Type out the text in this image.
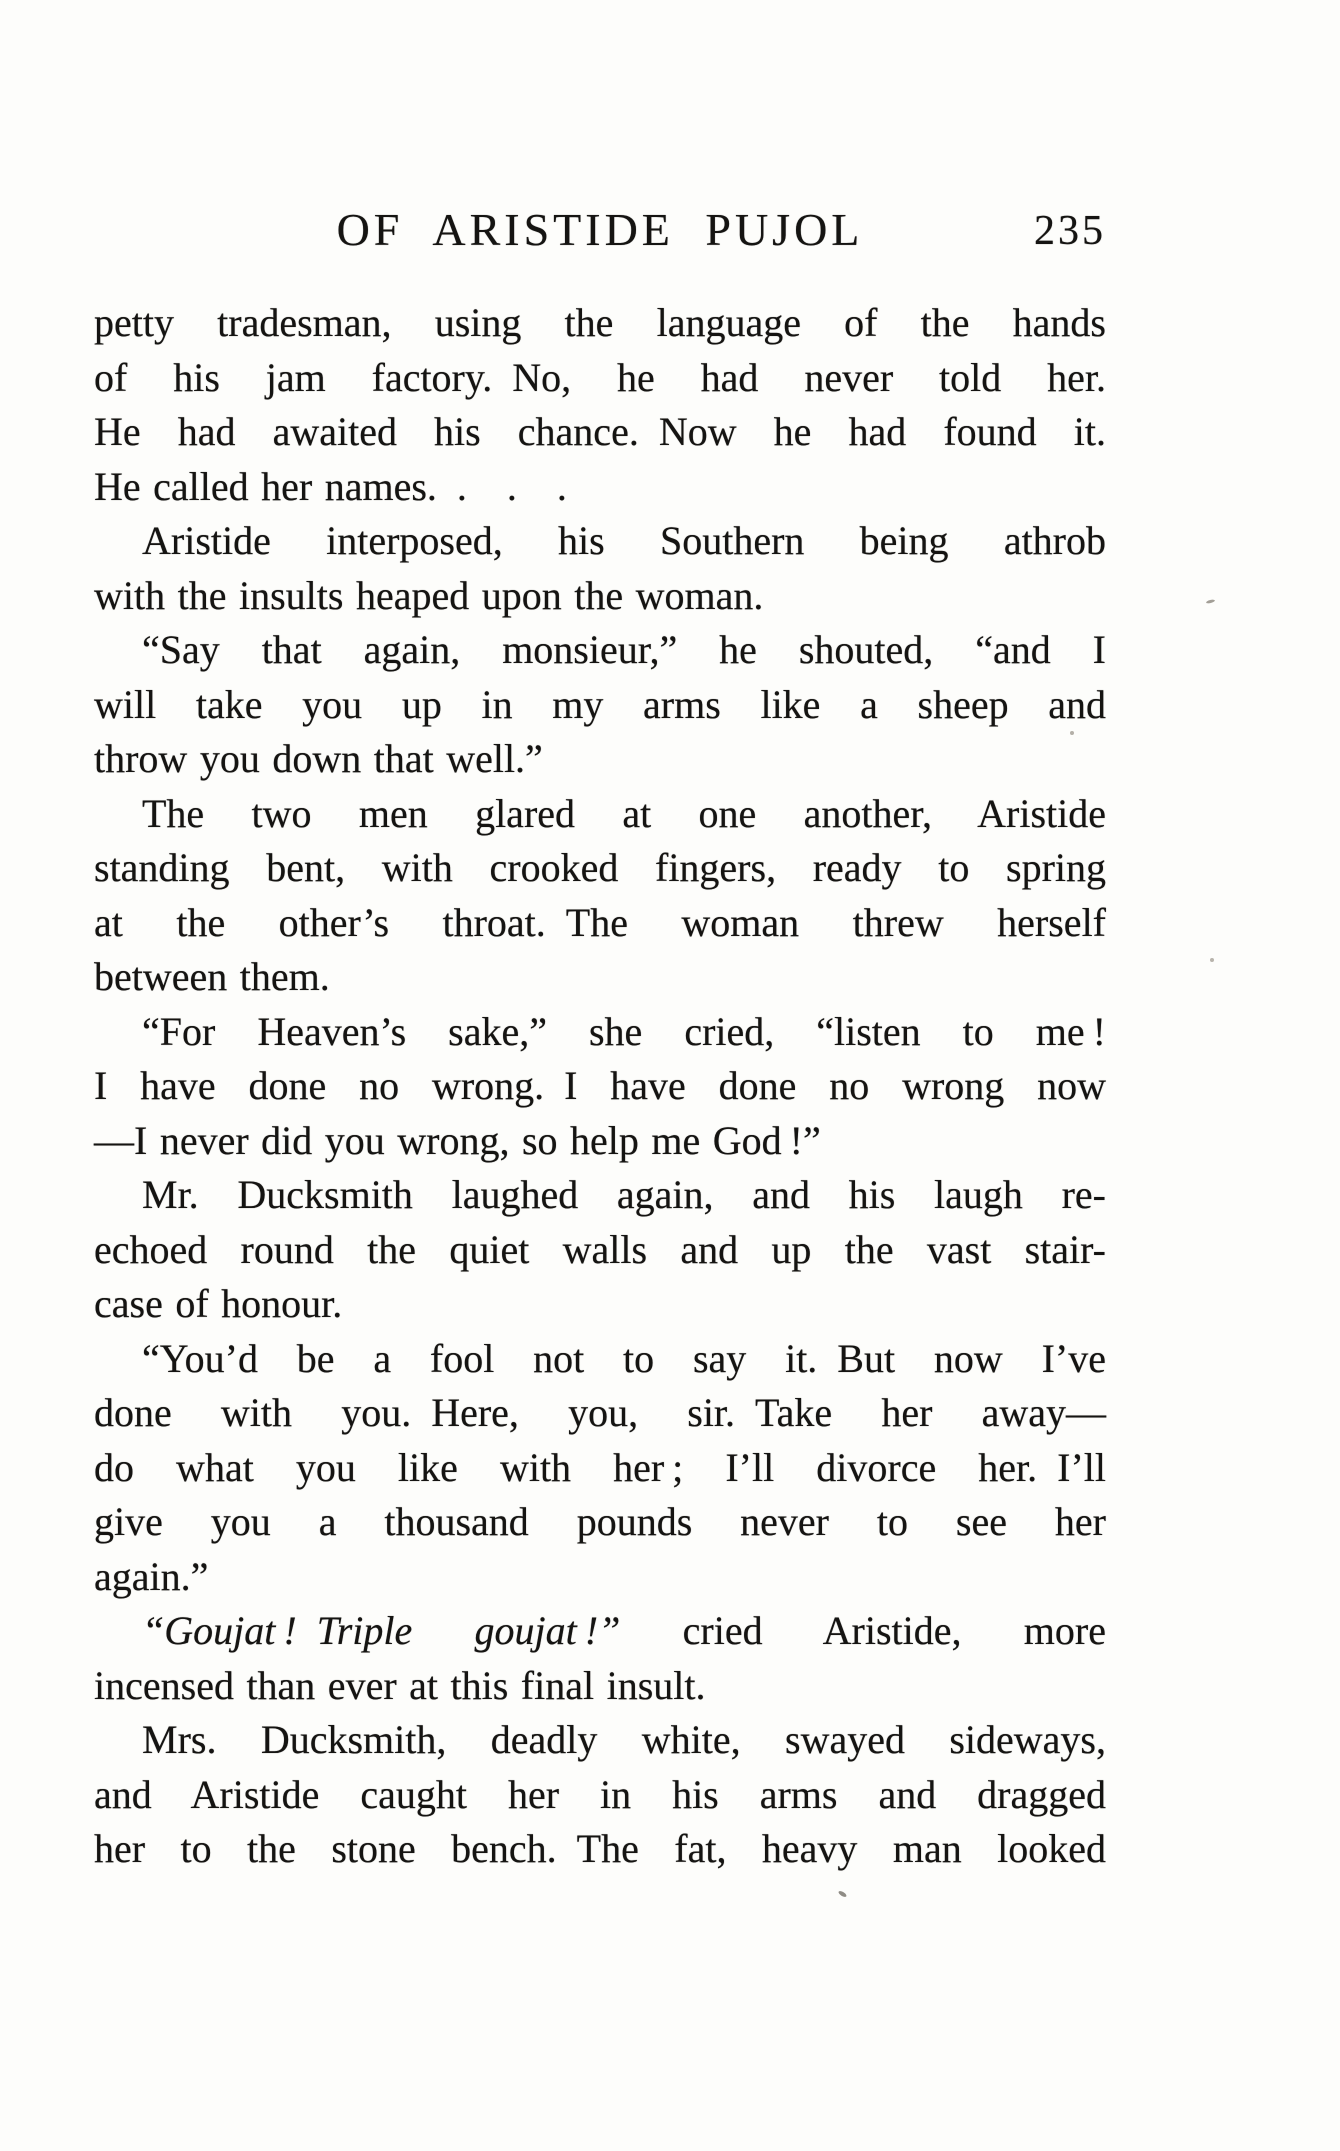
OF ARISTIDE PUJOL	235
petty tradesman, using the language of the hands
of his jam factory. No, he had never told her.
He had awaited his chance. Now he had found it.
He called her names. .  .  .
Aristide interposed, his Southern being athrob
with the insults heaped upon the woman.
“Say that again, monsieur,” he shouted, “and I
will take you up in my arms like a sheep and
throw you down that well.”
The two men glared at one another, Aristide
standing bent, with crooked fingers, ready to spring
at the other’s throat. The woman threw herself
between them.
“For Heaven’s sake,” she cried, “listen to me !
I have done no wrong. I have done no wrong now
—I never did you wrong, so help me God !”
Mr. Ducksmith laughed again, and his laugh re-
echoed round the quiet walls and up the vast stair-
case of honour.
“You’d be a fool not to say it. But now I’ve
done with you. Here, you, sir. Take her away—
do what you like with her ; I’ll divorce her. I’ll
give you a thousand pounds never to see her
again.”
“Goujat ! Triple goujat !” cried Aristide, more
incensed than ever at this final insult.
Mrs. Ducksmith, deadly white, swayed sideways,
and Aristide caught her in his arms and dragged
her to the stone bench. The fat, heavy man looked
